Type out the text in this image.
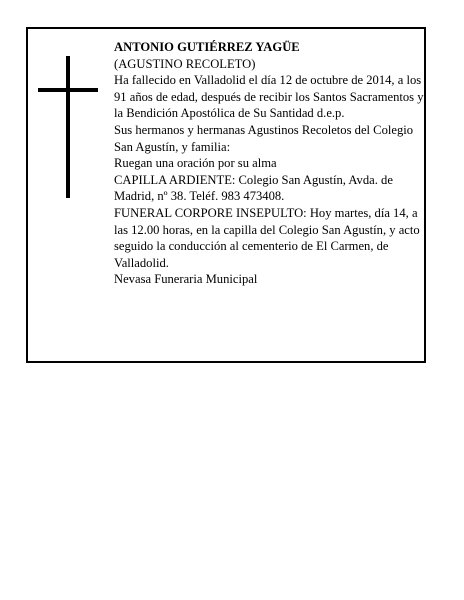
ANTONIO GUTIÉRREZ YAGÜE

(AGUSTINO RECOLETO)

Ha fallecido en Valladolid el día 12 de octubre de 2014, a los 91 años de edad, después de recibir los Santos Sacramentos y la Bendición Apostólica de Su Santidad d.e.p.

Sus hermanos y hermanas Agustinos Recoletos del Colegio San Agustín, y familia:

Ruegan una oración por su alma

CAPILLA ARDIENTE: Colegio San Agustín, Avda. de Madrid, nº 38. Teléf. 983 473408.

FUNERAL CORPORE INSEPULTO: Hoy martes, día 14, a las 12.00 horas, en la capilla del Colegio San Agustín, y acto seguido la conducción al cementerio de El Carmen, de Valladolid.

Nevasa Funeraria Municipal
